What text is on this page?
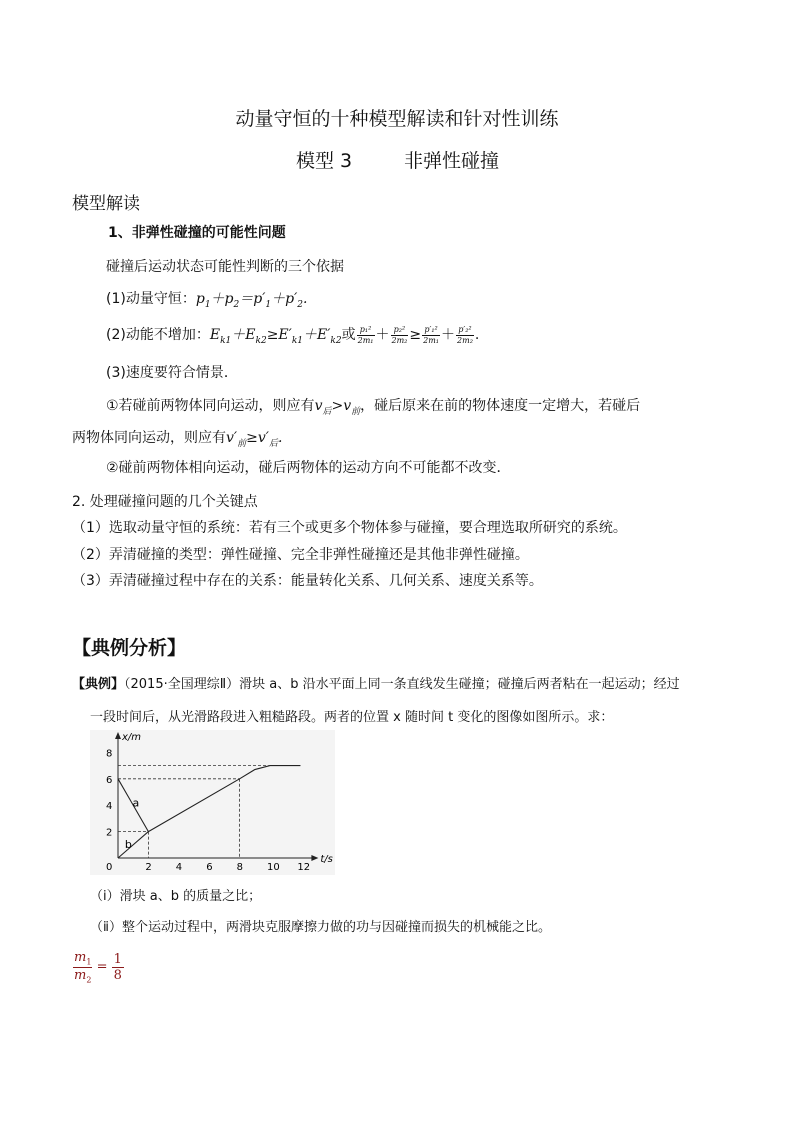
动量守恒的十种模型解读和针对性训练
模型 3	非弹性碰撞
模型解读
1、非弹性碰撞的可能性问题
碰撞后运动状态可能性判断的三个依据
(1)动量守恒：$p_1+p_2=p'_1+p'_2$.
(2)动能不增加：$E_{k1}+E_{k2}\ge E'_{k1}+E'_{k2}$或 $\frac{\text{p₁²}}{\text{2m₁}} + \frac{\text{p₂²}}{\text{2m₂}} \ge \frac{\text{p′₁²}}{\text{2m₁}} + \frac{\text{p′₂²}}{\text{2m₂}}$ .
(3)速度要符合情景．
①若碰前两物体同向运动，则应有$v_后>v_前$，碰后原来在前的物体速度一定增大，若碰后
两物体同向运动，则应有$v'_前\ge v'_后$.
②碰前两物体相向运动，碰后两物体的运动方向不可能都不改变．
2. 处理碰撞问题的几个关键点
（1）选取动量守恒的系统：若有三个或更多个物体参与碰撞，要合理选取所研究的系统。
（2）弄清碰撞的类型：弹性碰撞、完全非弹性碰撞还是其他非弹性碰撞。
（3）弄清碰撞过程中存在的关系：能量转化关系、几何关系、速度关系等。
【典例分析】
【典例】（2015·全国理综Ⅱ）滑块 a、b 沿水平面上同一条直线发生碰撞；碰撞后两者粘在一起运动；经过
一段时间后，从光滑路段进入粗糙路段。两者的位置 x 随时间 t 变化的图像如图所示。求：
a
b
0	2 4 6 8 10 12
2
4
6
8
t/s
x/m
（ⅰ）滑块 a、b 的质量之比；
（ⅱ）整个运动过程中，两滑块克服摩擦力做的功与因碰撞而损失的机械能之比。
$\frac{m_1}{m_2} = \frac{1}{8}$
